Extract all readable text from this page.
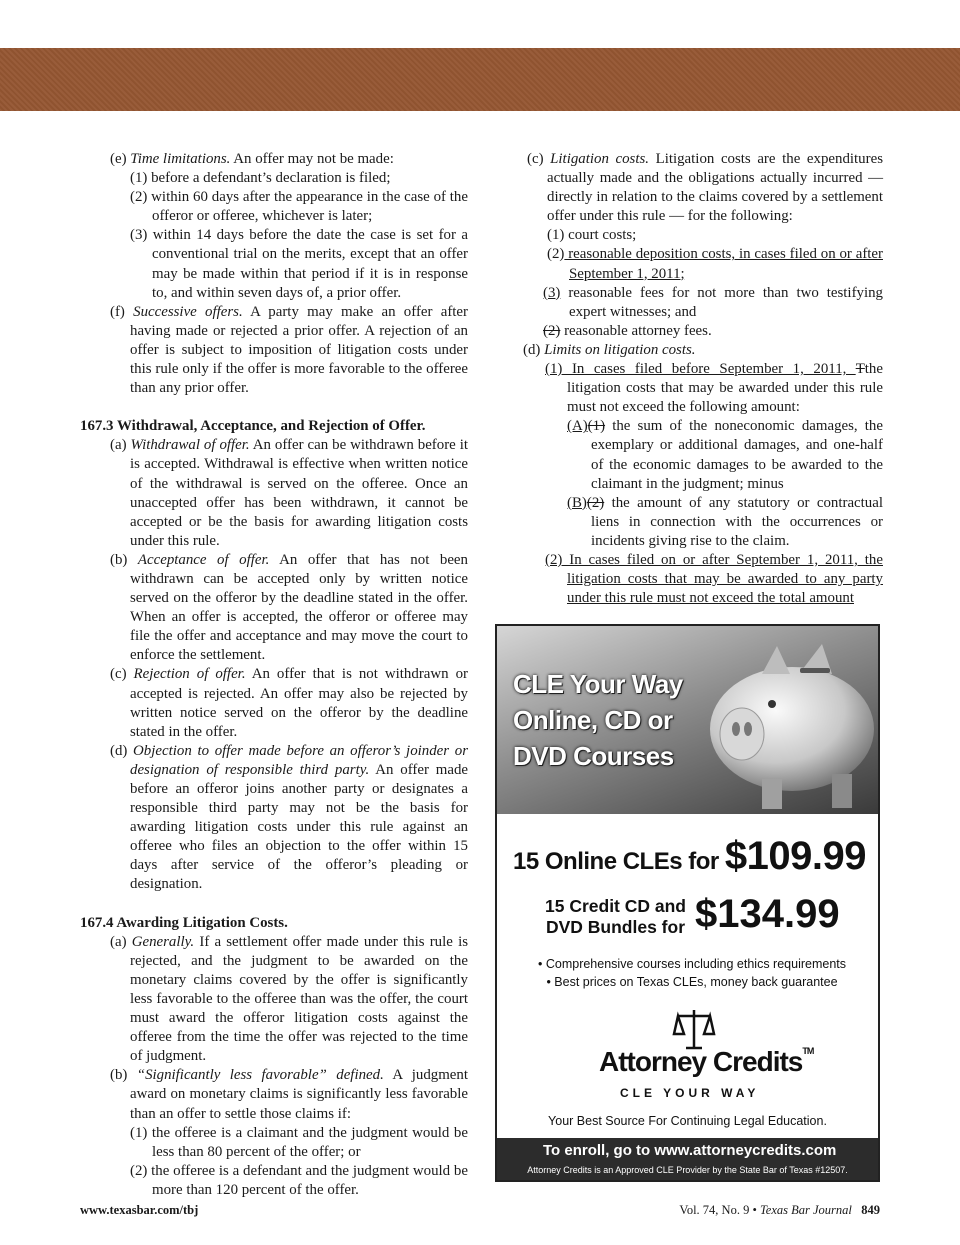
(e) Time limitations. An offer may not be made:

(1) before a defendant’s declaration is filed;

(2) within 60 days after the appearance in the case of the offeror or offeree, whichever is later;

(3) within 14 days before the date the case is set for a conventional trial on the merits, except that an offer may be made within that period if it is in response to, and within seven days of, a prior offer.

(f) Successive offers. A party may make an offer after having made or rejected a prior offer. A rejection of an offer is subject to imposition of litigation costs under this rule only if the offer is more favorable to the offeree than any prior offer.

167.3 Withdrawal, Acceptance, and Rejection of Offer.

(a) Withdrawal of offer. An offer can be withdrawn before it is accepted. Withdrawal is effective when written notice of the withdrawal is served on the offeree. Once an unaccepted offer has been withdrawn, it cannot be accepted or be the basis for awarding litigation costs under this rule.

(b) Acceptance of offer. An offer that has not been withdrawn can be accepted only by written notice served on the offeror by the deadline stated in the offer. When an offer is accepted, the offeror or offeree may file the offer and acceptance and may move the court to enforce the settlement.

(c) Rejection of offer. An offer that is not withdrawn or accepted is rejected. An offer may also be rejected by written notice served on the offeror by the deadline stated in the offer.

(d) Objection to offer made before an offeror’s joinder or designation of responsible third party. An offer made before an offeror joins another party or designates a responsible third party may not be the basis for awarding litigation costs under this rule against an offeree who files an objection to the offer within 15 days after service of the offeror’s pleading or designation.

167.4 Awarding Litigation Costs.

(a) Generally. If a settlement offer made under this rule is rejected, and the judgment to be awarded on the monetary claims covered by the offer is significantly less favorable to the offeree than was the offer, the court must award the offeror litigation costs against the offeree from the time the offer was rejected to the time of judgment.

(b) “Significantly less favorable” defined. A judgment award on monetary claims is significantly less favorable than an offer to settle those claims if:

(1) the offeree is a claimant and the judgment would be less than 80 percent of the offer; or

(2) the offeree is a defendant and the judgment would be more than 120 percent of the offer.

(c) Litigation costs. Litigation costs are the expenditures actually made and the obligations actually incurred — directly in relation to the claims covered by a settlement offer under this rule — for the following:

(1) court costs;

(2) reasonable deposition costs, in cases filed on or after September 1, 2011;

(3) reasonable fees for not more than two testifying expert witnesses; and

(2) reasonable attorney fees.

(d) Limits on litigation costs.

(1) In cases filed before September 1, 2011, Tthe litigation costs that may be awarded under this rule must not exceed the following amount:

(A)(1) the sum of the noneconomic damages, the exemplary or additional damages, and one-half of the economic damages to be awarded to the claimant in the judgment; minus

(B)(2) the amount of any statutory or contractual liens in connection with the occurrences or incidents giving rise to the claim.

(2) In cases filed on or after September 1, 2011, the litigation costs that may be awarded to any party under this rule must not exceed the total amount

CLE Your Way
Online, CD or
DVD Courses
15 Online CLEs for $109.99
15 Credit CD and
DVD Bundles for $134.99
• Comprehensive courses including ethics requirements
• Best prices on Texas CLEs, money back guarantee
Attorney Credits™
CLE YOUR WAY
Your Best Source For Continuing Legal Education.
To enroll, go to www.attorneycredits.com
Attorney Credits is an Approved CLE Provider by the State Bar of Texas #12507.
www.texasbar.com/tbj	Vol. 74, No. 9 • Texas Bar Journal 849
